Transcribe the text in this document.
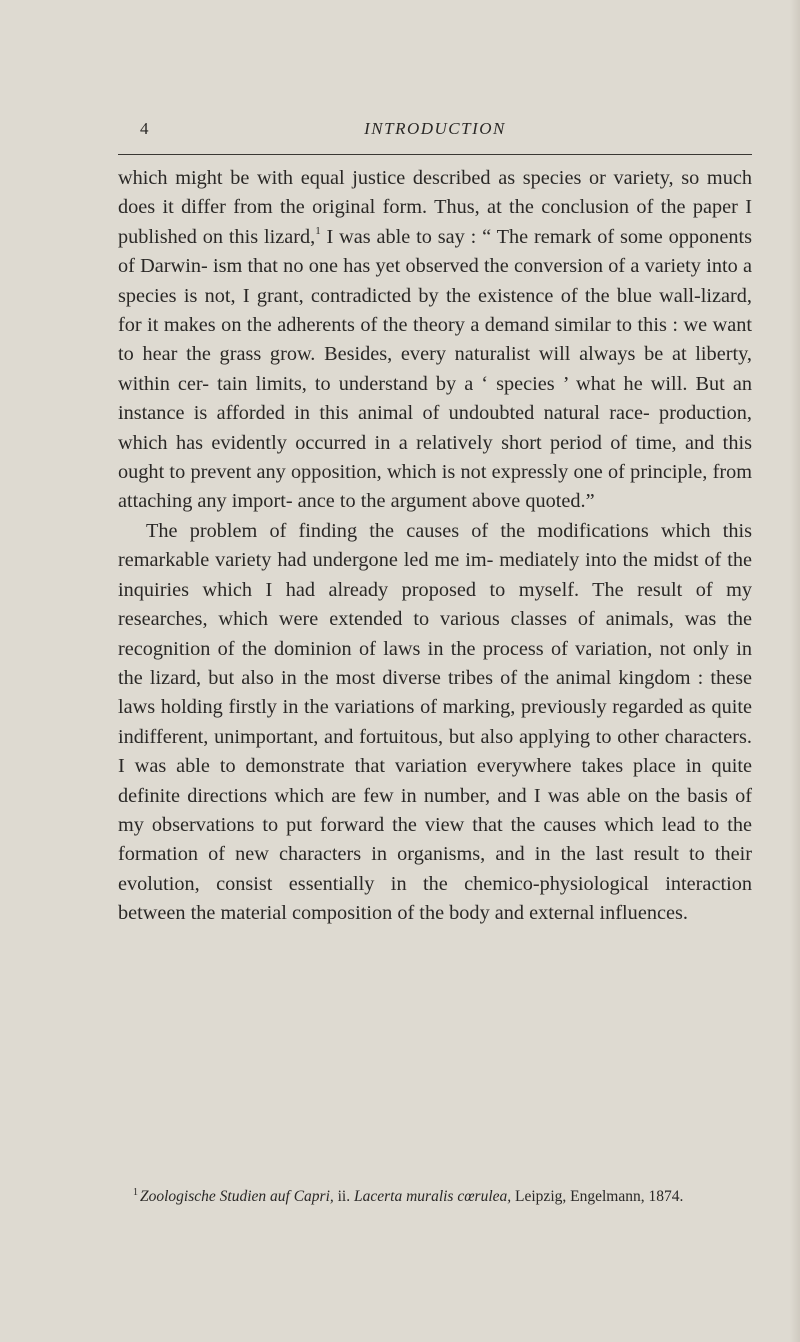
4	INTRODUCTION

which might be with equal justice described as species or variety, so much does it differ from the original form. Thus, at the conclusion of the paper I published on this lizard,$^1$ I was able to say : “ The remark of some opponents of Darwin- ism that no one has yet observed the conversion of a variety into a species is not, I grant, contradicted by the existence of the blue wall-lizard, for it makes on the adherents of the theory a demand similar to this : we want to hear the grass grow. Besides, every naturalist will always be at liberty, within cer- tain limits, to understand by a ‘ species ’ what he will. But an instance is afforded in this animal of undoubted natural race- production, which has evidently occurred in a relatively short period of time, and this ought to prevent any opposition, which is not expressly one of principle, from attaching any import- ance to the argument above quoted.”

The problem of finding the causes of the modifications which this remarkable variety had undergone led me im- mediately into the midst of the inquiries which I had already proposed to myself. The result of my researches, which were extended to various classes of animals, was the recognition of the dominion of laws in the process of variation, not only in the lizard, but also in the most diverse tribes of the animal kingdom : these laws holding firstly in the variations of marking, previously regarded as quite indifferent, unimportant, and fortuitous, but also applying to other characters. I was able to demonstrate that variation everywhere takes place in quite definite directions which are few in number, and I was able on the basis of my observations to put forward the view that the causes which lead to the formation of new characters in organisms, and in the last result to their evolution, consist essentially in the chemico-physiological interaction between the material composition of the body and external influences.

$^1$ Zoologische Studien auf Capri, ii. Lacerta muralis cœrulea, Leipzig, Engelmann, 1874.
